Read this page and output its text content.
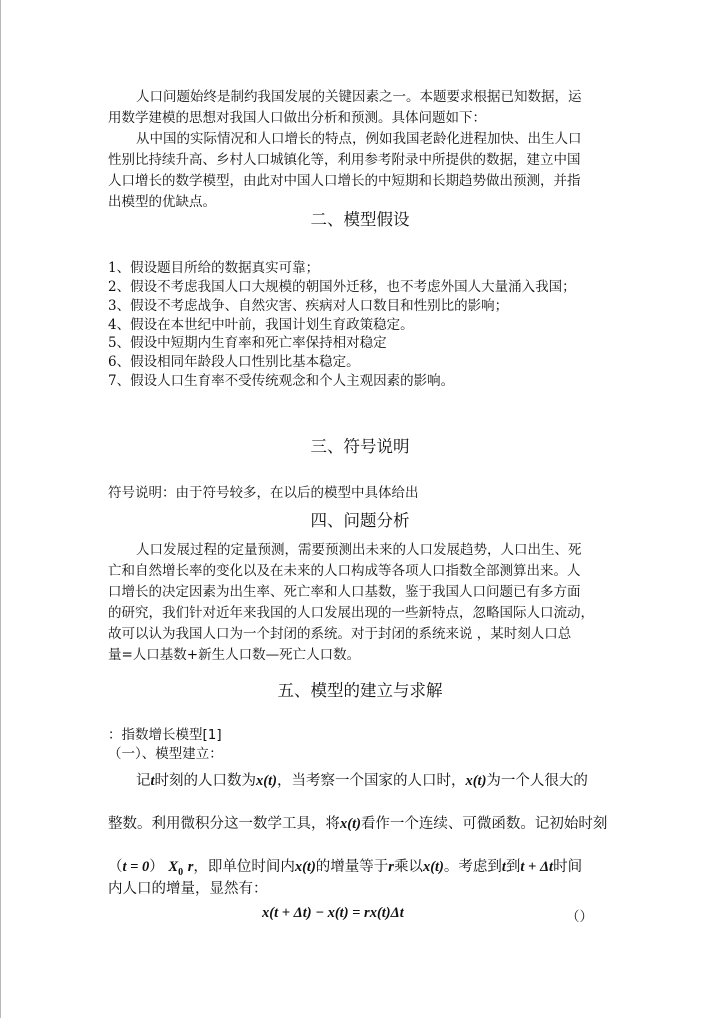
人口问题始终是制约我国发展的关键因素之一。本题要求根据已知数据，运

用数学建模的思想对我国人口做出分析和预测。具体问题如下：

从中国的实际情况和人口增长的特点，例如我国老龄化进程加快、出生人口

性别比持续升高、乡村人口城镇化等，利用参考附录中所提供的数据，建立中国

人口增长的数学模型，由此对中国人口增长的中短期和长期趋势做出预测，并指

出模型的优缺点。

二、模型假设

1、假设题目所给的数据真实可靠；

2、假设不考虑我国人口大规模的朝国外迁移，也不考虑外国人大量涌入我国；

3、假设不考虑战争、自然灾害、疾病对人口数目和性别比的影响；

4、假设在本世纪中叶前，我国计划生育政策稳定。

5、假设中短期内生育率和死亡率保持相对稳定

6、假设相同年龄段人口性别比基本稳定。

7、假设人口生育率不受传统观念和个人主观因素的影响。

三、符号说明

符号说明：由于符号较多，在以后的模型中具体给出

四、问题分析

人口发展过程的定量预测，需要预测出未来的人口发展趋势，人口出生、死

亡和自然增长率的变化以及在未来的人口构成等各项人口指数全部测算出来。人

口增长的决定因素为出生率、死亡率和人口基数，鉴于我国人口问题已有多方面

的研究，我们针对近年来我国的人口发展出现的一些新特点，忽略国际人口流动，

故可以认为我国人口为一个封闭的系统。对于封闭的系统来说 ，某时刻人口总

量=人口基数+新生人口数—死亡人口数。

五、模型的建立与求解

：指数增长模型[1]

（一）、模型建立：

记t时刻的人口数为x(t)，当考察一个国家的人口时，x(t)为一个人很大的

整数。利用微积分这一数学工具，将x(t)看作一个连续、可微函数。记初始时刻

（t = 0） $X_0$ r，即单位时间内x(t)的增量等于r乘以x(t)。考虑到t到t + Δt时间

内人口的增量，显然有：

x(t + Δt) − x(t) = rx(t)Δt	（）
